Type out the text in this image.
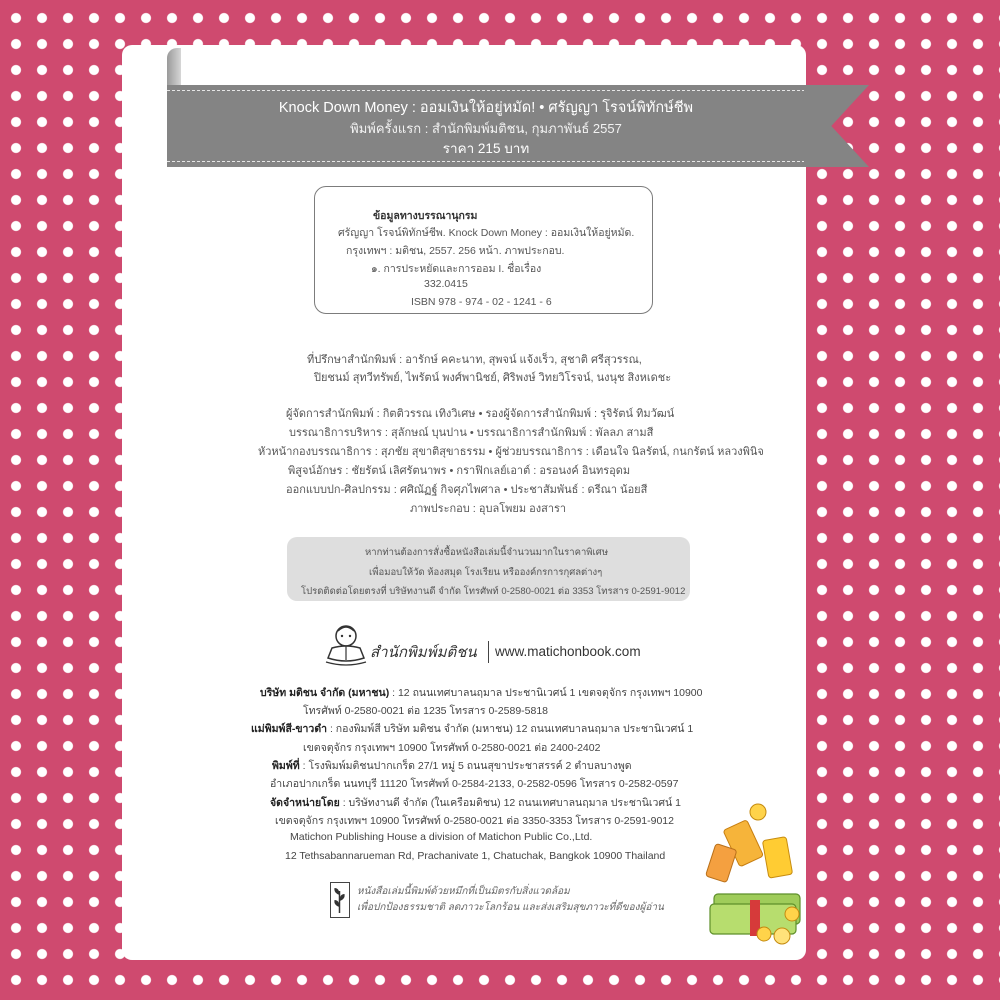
Knock Down Money : ออมเงินให้อยู่หมัด! • ศรัญญา โรจน์พิทักษ์ชีพ
พิมพ์ครั้งแรก : สำนักพิมพ์มติชน, กุมภาพันธ์ 2557
ราคา 215 บาท
ข้อมูลทางบรรณานุกรม
ศรัญญา โรจน์พิทักษ์ชีพ. Knock Down Money : ออมเงินให้อยู่หมัด.
กรุงเทพฯ : มติชน, 2557. 256 หน้า. ภาพประกอบ.
๑. การประหยัดและการออม I. ชื่อเรื่อง
332.0415
ISBN 978 - 974 - 02 - 1241 - 6
ที่ปรึกษาสำนักพิมพ์ : อารักษ์ คคะนาท, สุพจน์ แจ้งเร็ว, สุชาติ ศรีสุวรรณ,
ปิยชนม์ สุทวีทรัพย์, ไพรัตน์ พงศ์พานิชย์, ศิริพงษ์ วิทยวิโรจน์, นงนุช สิงหเดชะ
ผู้จัดการสำนักพิมพ์ : กิตติวรรณ เทิงวิเศษ • รองผู้จัดการสำนักพิมพ์ : รุจิรัตน์ ทิมวัฒน์
บรรณาธิการบริหาร : สุลักษณ์ บุนปาน • บรรณาธิการสำนักพิมพ์ : พัลลภ สามสี
หัวหน้ากองบรรณาธิการ : สุภชัย สุขาติสุขาธรรม • ผู้ช่วยบรรณาธิการ : เดือนใจ นิลรัตน์, กนกรัตน์ หลวงพินิจ
พิสูจน์อักษร : ชัยรัตน์ เลิศรัตนาพร • กราฟิกเลย์เอาต์ : อรอนงค์ อินทรอุดม
ออกแบบปก-ศิลปกรรม : ศศิณัฏฐ์ กิจศุภไพศาล • ประชาสัมพันธ์ : ดรีณา น้อยสี
ภาพประกอบ : อุบลโพยม องสารา
หากท่านต้องการสั่งซื้อหนังสือเล่มนี้จำนวนมากในราคาพิเศษ
เพื่อมอบให้วัด ห้องสมุด โรงเรียน หรือองค์กรการกุศลต่างๆ
โปรดติดต่อโดยตรงที่ บริษัทงานดี จำกัด โทรศัพท์ 0-2580-0021 ต่อ 3353 โทรสาร 0-2591-9012
สำนักพิมพ์มติชน www.matichonbook.com
บริษัท มติชน จำกัด (มหาชน) : 12 ถนนเทศบาลนฤมาล ประชานิเวศน์ 1 เขตจตุจักร กรุงเทพฯ 10900
โทรศัพท์ 0-2580-0021 ต่อ 1235 โทรสาร 0-2589-5818
แม่พิมพ์สี-ขาวดำ : กองพิมพ์สี บริษัท มติชน จำกัด (มหาชน) 12 ถนนเทศบาลนฤมาล ประชานิเวศน์ 1
เขตจตุจักร กรุงเทพฯ 10900 โทรศัพท์ 0-2580-0021 ต่อ 2400-2402
พิมพ์ที่ : โรงพิมพ์มติชนปากเกร็ด 27/1 หมู่ 5 ถนนสุขาประชาสรรค์ 2 ตำบลบางพูด
อำเภอปากเกร็ด นนทบุรี 11120 โทรศัพท์ 0-2584-2133, 0-2582-0596 โทรสาร 0-2582-0597
จัดจำหน่ายโดย : บริษัทงานดี จำกัด (ในเครือมติชน) 12 ถนนเทศบาลนฤมาล ประชานิเวศน์ 1
เขตจตุจักร กรุงเทพฯ 10900 โทรศัพท์ 0-2580-0021 ต่อ 3350-3353 โทรสาร 0-2591-9012
Matichon Publishing House a division of Matichon Public Co.,Ltd.
12 Tethsabannarueman Rd, Prachanivate 1, Chatuchak, Bangkok 10900 Thailand
หนังสือเล่มนี้พิมพ์ด้วยหมึกที่เป็นมิตรกับสิ่งแวดล้อม
เพื่อปกป้องธรรมชาติ ลดภาวะโลกร้อน และส่งเสริมสุขภาวะที่ดีของผู้อ่าน
